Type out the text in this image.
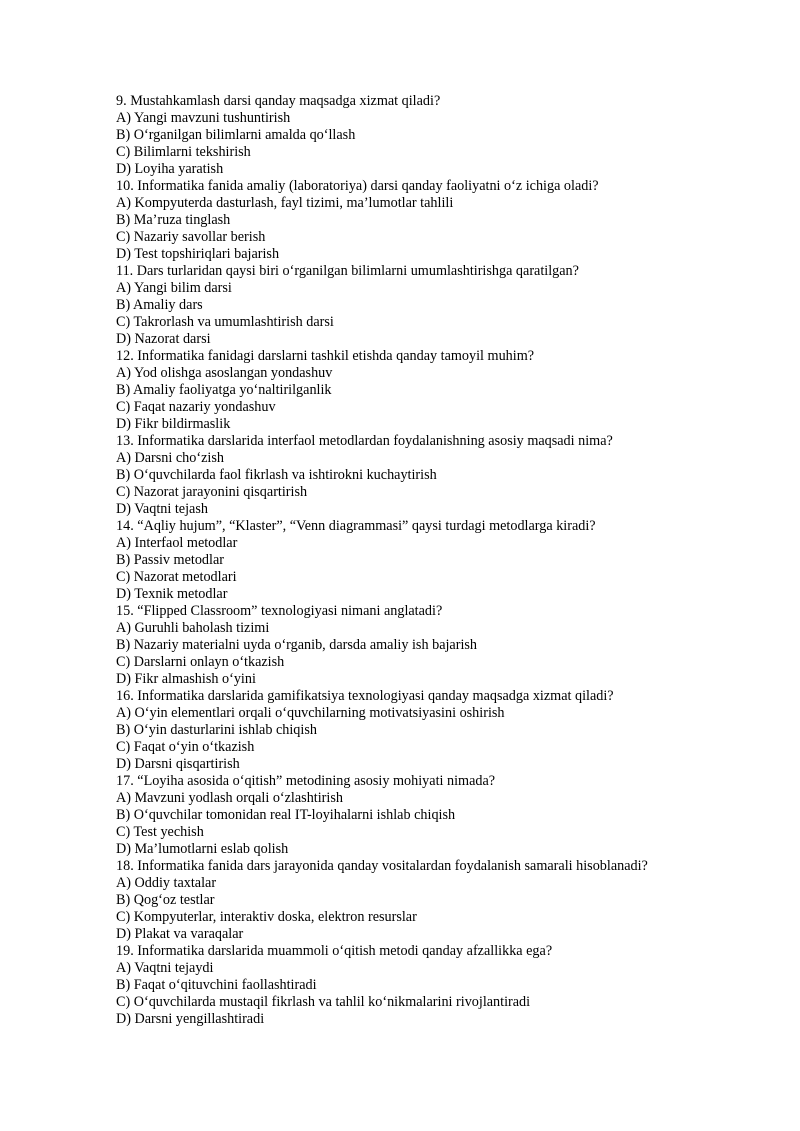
9. Mustahkamlash darsi qanday maqsadga xizmat qiladi?
A) Yangi mavzuni tushuntirish
B) O‘rganilgan bilimlarni amalda qo‘llash
C) Bilimlarni tekshirish
D) Loyiha yaratish
10. Informatika fanida amaliy (laboratoriya) darsi qanday faoliyatni o‘z ichiga oladi?
A) Kompyuterda dasturlash, fayl tizimi, ma’lumotlar tahlili
B) Ma’ruza tinglash
C) Nazariy savollar berish
D) Test topshiriqlari bajarish
11. Dars turlaridan qaysi biri o‘rganilgan bilimlarni umumlashtirishga qaratilgan?
A) Yangi bilim darsi
B) Amaliy dars
C) Takrorlash va umumlashtirish darsi
D) Nazorat darsi
12. Informatika fanidagi darslarni tashkil etishda qanday tamoyil muhim?
A) Yod olishga asoslangan yondashuv
B) Amaliy faoliyatga yo‘naltirilganlik
C) Faqat nazariy yondashuv
D) Fikr bildirmaslik
13. Informatika darslarida interfaol metodlardan foydalanishning asosiy maqsadi nima?
A) Darsni cho‘zish
B) O‘quvchilarda faol fikrlash va ishtirokni kuchaytirish
C) Nazorat jarayonini qisqartirish
D) Vaqtni tejash
14. “Aqliy hujum”, “Klaster”, “Venn diagrammasi” qaysi turdagi metodlarga kiradi?
A) Interfaol metodlar
B) Passiv metodlar
C) Nazorat metodlari
D) Texnik metodlar
15. “Flipped Classroom” texnologiyasi nimani anglatadi?
A) Guruhli baholash tizimi
B) Nazariy materialni uyda o‘rganib, darsda amaliy ish bajarish
C) Darslarni onlayn o‘tkazish
D) Fikr almashish o‘yini
16. Informatika darslarida gamifikatsiya texnologiyasi qanday maqsadga xizmat qiladi?
A) O‘yin elementlari orqali o‘quvchilarning motivatsiyasini oshirish
B) O‘yin dasturlarini ishlab chiqish
C) Faqat o‘yin o‘tkazish
D) Darsni qisqartirish
17. “Loyiha asosida o‘qitish” metodining asosiy mohiyati nimada?
A) Mavzuni yodlash orqali o‘zlashtirish
B) O‘quvchilar tomonidan real IT-loyihalarni ishlab chiqish
C) Test yechish
D) Ma’lumotlarni eslab qolish
18. Informatika fanida dars jarayonida qanday vositalardan foydalanish samarali hisoblanadi?
A) Oddiy taxtalar
B) Qog‘oz testlar
C) Kompyuterlar, interaktiv doska, elektron resurslar
D) Plakat va varaqalar
19. Informatika darslarida muammoli o‘qitish metodi qanday afzallikka ega?
A) Vaqtni tejaydi
B) Faqat o‘qituvchini faollashtiradi
C) O‘quvchilarda mustaqil fikrlash va tahlil ko‘nikmalarini rivojlantiradi
D) Darsni yengillashtiradi
